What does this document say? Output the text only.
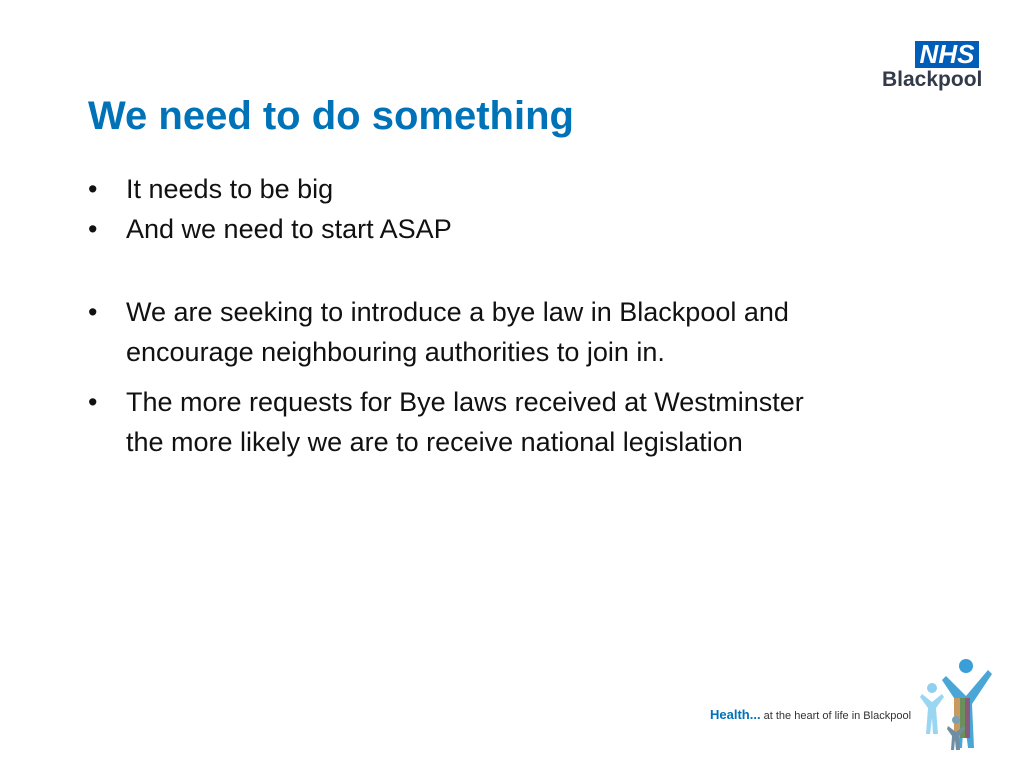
NHS
Blackpool
We need to do something
• It needs to be big
• And we need to start ASAP
• We are seeking to introduce a bye law in Blackpool and encourage neighbouring authorities to join in.
• The more requests for Bye laws received at Westminster the more likely we are to receive national legislation
Health... at the heart of life in Blackpool
